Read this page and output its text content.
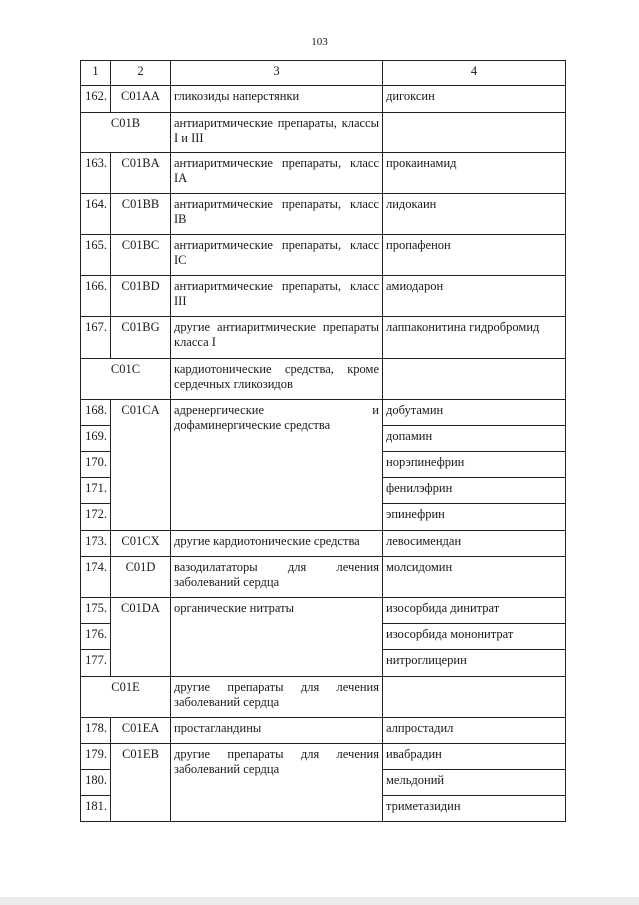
103
1	2	3	4
162.	C01AA	гликозиды наперстянки	дигоксин
C01B		антиаритмические препараты, классы I и III	
163.	C01BA	антиаритмические препараты, класс IA	прокаинамид
164.	C01BB	антиаритмические препараты, класс IB	лидокаин
165.	C01BC	антиаритмические препараты, класс IC	пропафенон
166.	C01BD	антиаритмические препараты, класс III	амиодарон
167.	C01BG	другие антиаритмические препараты класса I	лаппаконитина гидробромид
C01C		кардиотонические средства, кроме сердечных гликозидов	
168.	C01CA	адренергические и дофаминергические средства	добутамин
169.			допамин
170.			норэпинефрин
171.			фенилэфрин
172.			эпинефрин
173.	C01CX	другие кардиотонические средства	левосимендан
174.	C01D	вазодилататоры для лечения заболеваний сердца	молсидомин
175.	C01DA	органические нитраты	изосорбида динитрат
176.			изосорбида мононитрат
177.			нитроглицерин
C01E		другие препараты для лечения заболеваний сердца	
178.	C01EA	простагландины	алпростадил
179.	C01EB	другие препараты для лечения заболеваний сердца	ивабрадин
180.			мельдоний
181.			триметазидин
